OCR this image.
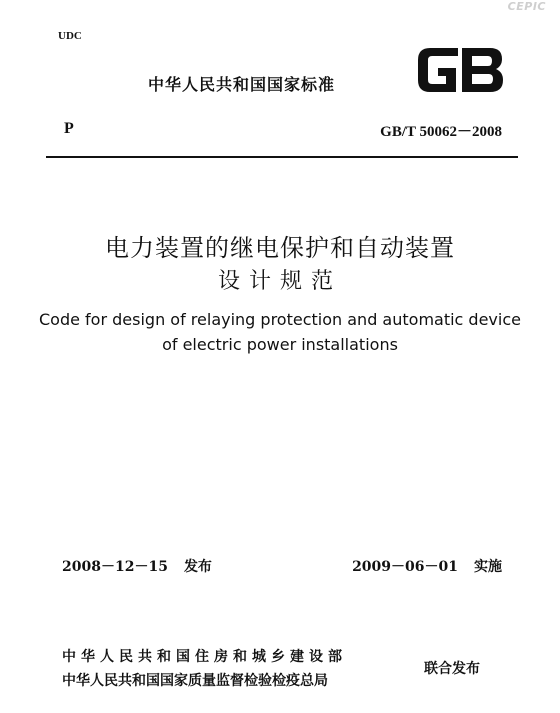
CEPIC
UDC
中华人民共和国国家标准
P	GB/T 50062－2008
电力装置的继电保护和自动装置
设计规范
Code for design of relaying protection and automatic device
of electric power installations
2008－12－15 发布	2009－06－01 实施
中华人民共和国住房和城乡建设部
中华人民共和国国家质量监督检验检疫总局
联合发布
